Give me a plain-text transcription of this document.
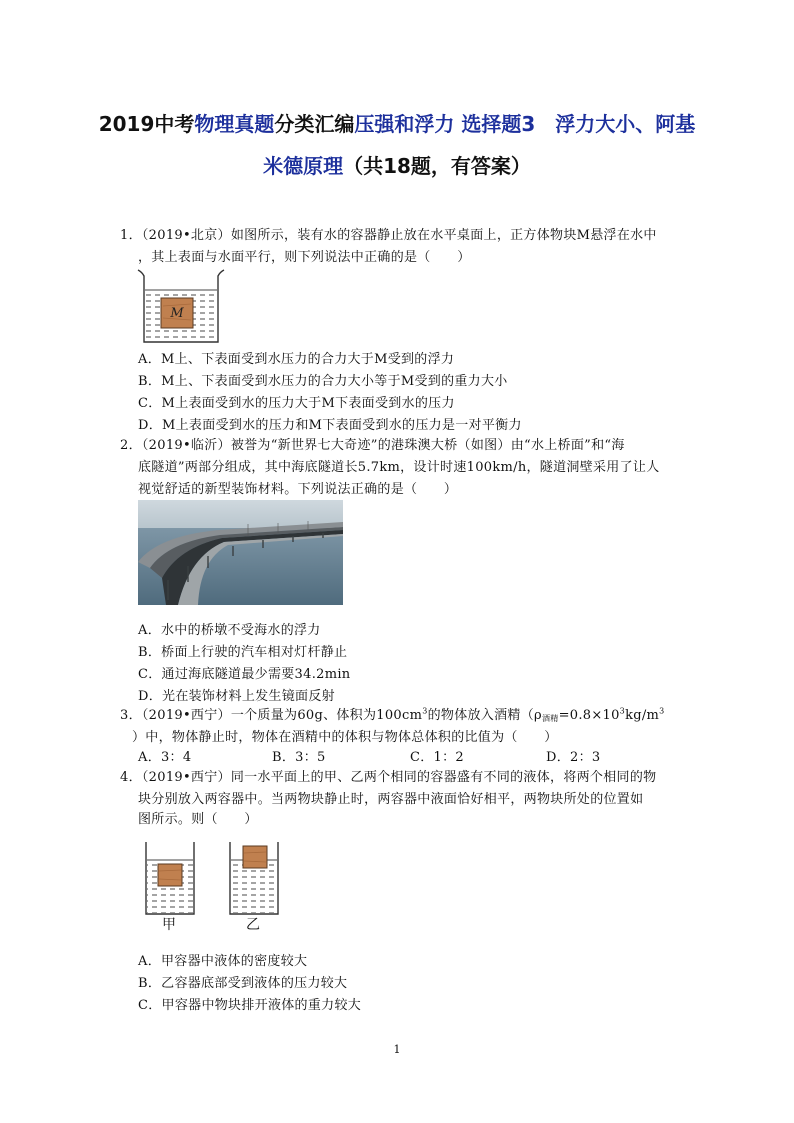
2019中考物理真题分类汇编压强和浮力 选择题3　浮力大小、阿基
米德原理（共18题，有答案）
1．（2019•北京）如图所示，装有水的容器静止放在水平桌面上，正方体物块M悬浮在水中
，其上表面与水面平行，则下列说法中正确的是（　　）
M
A．M上、下表面受到水压力的合力大于M受到的浮力
B．M上、下表面受到水压力的合力大小等于M受到的重力大小
C．M上表面受到水的压力大于M下表面受到水的压力
D．M上表面受到水的压力和M下表面受到水的压力是一对平衡力
2．（2019•临沂）被誉为“新世界七大奇迹”的港珠澳大桥（如图）由“水上桥面”和“海
底隧道”两部分组成，其中海底隧道长5.7km，设计时速100km/h，隧道洞壁采用了让人
视觉舒适的新型装饰材料。下列说法正确的是（　　）
A．水中的桥墩不受海水的浮力
B．桥面上行驶的汽车相对灯杆静止
C．通过海底隧道最少需要34.2min
D．光在装饰材料上发生镜面反射
3．（2019•西宁）一个质量为60g、体积为$100cm^3$的物体放入酒精（$\rho_{酒精}=0.8\times 10^3kg/m^3$
）中，物体静止时，物体在酒精中的体积与物体总体积的比值为（　　）
A．3：4	B．3：5	C．1：2	D．2：3
4．（2019•西宁）同一水平面上的甲、乙两个相同的容器盛有不同的液体，将两个相同的物
块分别放入两容器中。当两物块静止时，两容器中液面恰好相平，两物块所处的位置如
图所示。则（　　）
甲	乙
A．甲容器中液体的密度较大
B．乙容器底部受到液体的压力较大
C．甲容器中物块排开液体的重力较大
1
